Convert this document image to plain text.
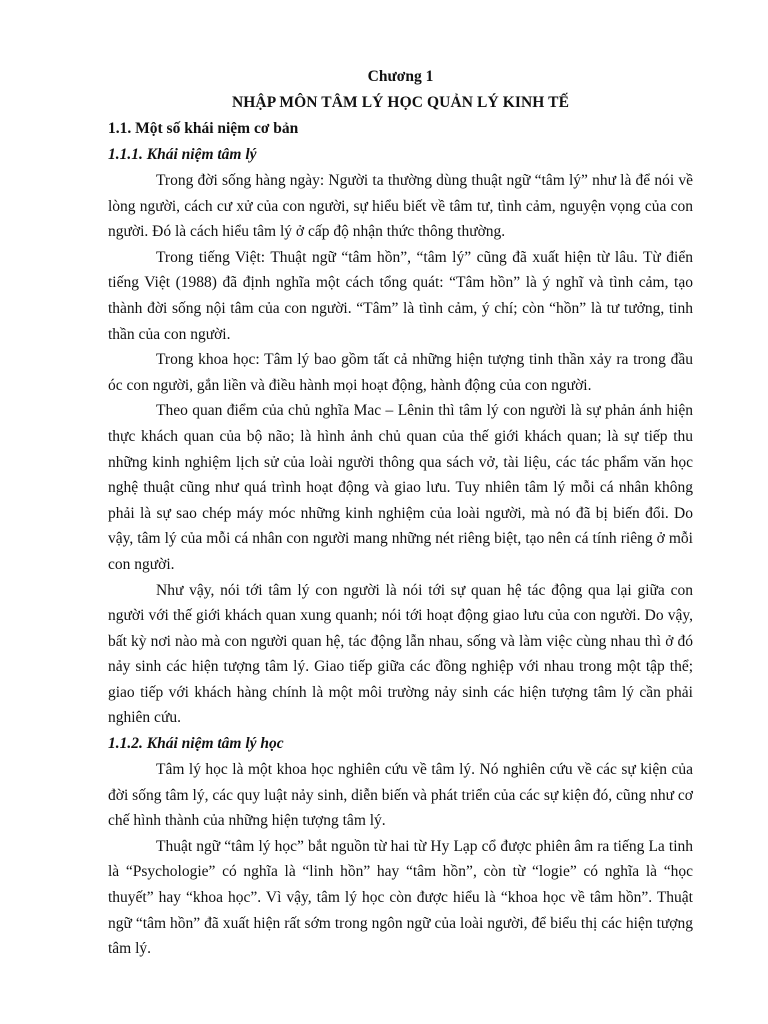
Chương 1

NHẬP MÔN TÂM LÝ HỌC QUẢN LÝ KINH TẾ

1.1. Một số khái niệm cơ bản

1.1.1. Khái niệm tâm lý

Trong đời sống hàng ngày: Người ta thường dùng thuật ngữ “tâm lý” như là để nói về lòng người, cách cư xử của con người, sự hiểu biết về tâm tư, tình cảm, nguyện vọng của con người. Đó là cách hiểu tâm lý ở cấp độ nhận thức thông thường.

Trong tiếng Việt: Thuật ngữ “tâm hồn”, “tâm lý” cũng đã xuất hiện từ lâu. Từ điển tiếng Việt (1988) đã định nghĩa một cách tổng quát: “Tâm hồn” là ý nghĩ và tình cảm, tạo thành đời sống nội tâm của con người. “Tâm” là tình cảm, ý chí; còn “hồn” là tư tưởng, tinh thần của con người.

Trong khoa học: Tâm lý bao gồm tất cả những hiện tượng tinh thần xảy ra trong đầu óc con người, gắn liền và điều hành mọi hoạt động, hành động của con người.

Theo quan điểm của chủ nghĩa Mac – Lênin thì tâm lý con người là sự phản ánh hiện thực khách quan của bộ não; là hình ảnh chủ quan của thế giới khách quan; là sự tiếp thu những kinh nghiệm lịch sử của loài người thông qua sách vở, tài liệu, các tác phẩm văn học nghệ thuật cũng như quá trình hoạt động và giao lưu. Tuy nhiên tâm lý mỗi cá nhân không phải là sự sao chép máy móc những kinh nghiệm của loài người, mà nó đã bị biến đổi. Do vậy, tâm lý của mỗi cá nhân con người mang những nét riêng biệt, tạo nên cá tính riêng ở mỗi con người.

Như vậy, nói tới tâm lý con người là nói tới sự quan hệ tác động qua lại giữa con người với thế giới khách quan xung quanh; nói tới hoạt động giao lưu của con người. Do vậy, bất kỳ nơi nào mà con người quan hệ, tác động lẫn nhau, sống và làm việc cùng nhau thì ở đó nảy sinh các hiện tượng tâm lý. Giao tiếp giữa các đồng nghiệp với nhau trong một tập thể; giao tiếp với khách hàng chính là một môi trường nảy sinh các hiện tượng tâm lý cần phải nghiên cứu.

1.1.2. Khái niệm tâm lý học

Tâm lý học là một khoa học nghiên cứu về tâm lý. Nó nghiên cứu về các sự kiện của đời sống tâm lý, các quy luật nảy sinh, diễn biến và phát triển của các sự kiện đó, cũng như cơ chế hình thành của những hiện tượng tâm lý.

Thuật ngữ “tâm lý học” bắt nguồn từ hai từ Hy Lạp cổ được phiên âm ra tiếng La tinh là “Psychologie” có nghĩa là “linh hồn” hay “tâm hồn”, còn từ “logie” có nghĩa là “học thuyết” hay “khoa học”. Vì vậy, tâm lý học còn được hiểu là “khoa học về tâm hồn”. Thuật ngữ “tâm hồn” đã xuất hiện rất sớm trong ngôn ngữ của loài người, để biểu thị các hiện tượng tâm lý.
